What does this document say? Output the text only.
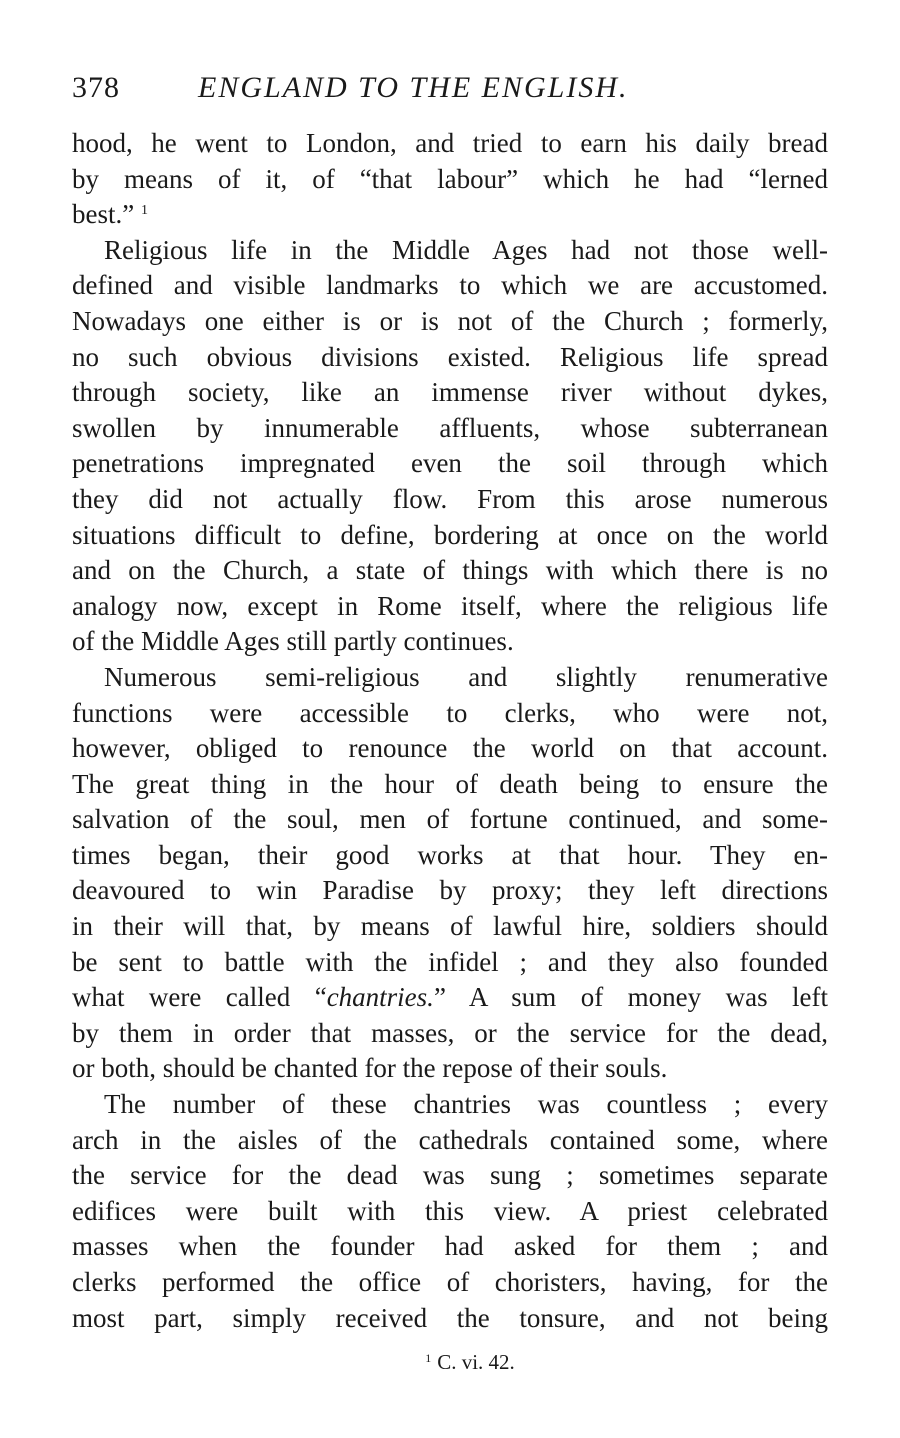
378	ENGLAND TO THE ENGLISH.
hood, he went to London, and tried to earn his daily bread
by means of it, of “that labour” which he had “lerned
best.” $^1$
Religious life in the Middle Ages had not those well-
defined and visible landmarks to which we are accustomed.
Nowadays one either is or is not of the Church ; formerly,
no such obvious divisions existed. Religious life spread
through society, like an immense river without dykes,
swollen by innumerable affluents, whose subterranean
penetrations impregnated even the soil through which
they did not actually flow. From this arose numerous
situations difficult to define, bordering at once on the world
and on the Church, a state of things with which there is no
analogy now, except in Rome itself, where the religious life
of the Middle Ages still partly continues.
Numerous semi-religious and slightly renumerative
functions were accessible to clerks, who were not,
however, obliged to renounce the world on that account.
The great thing in the hour of death being to ensure the
salvation of the soul, men of fortune continued, and some-
times began, their good works at that hour. They en-
deavoured to win Paradise by proxy; they left directions
in their will that, by means of lawful hire, soldiers should
be sent to battle with the infidel ; and they also founded
what were called “chantries.” A sum of money was left
by them in order that masses, or the service for the dead,
or both, should be chanted for the repose of their souls.
The number of these chantries was countless ; every
arch in the aisles of the cathedrals contained some, where
the service for the dead was sung ; sometimes separate
edifices were built with this view. A priest celebrated
masses when the founder had asked for them ; and
clerks performed the office of choristers, having, for the
most part, simply received the tonsure, and not being
$^1$ C. vi. 42.
